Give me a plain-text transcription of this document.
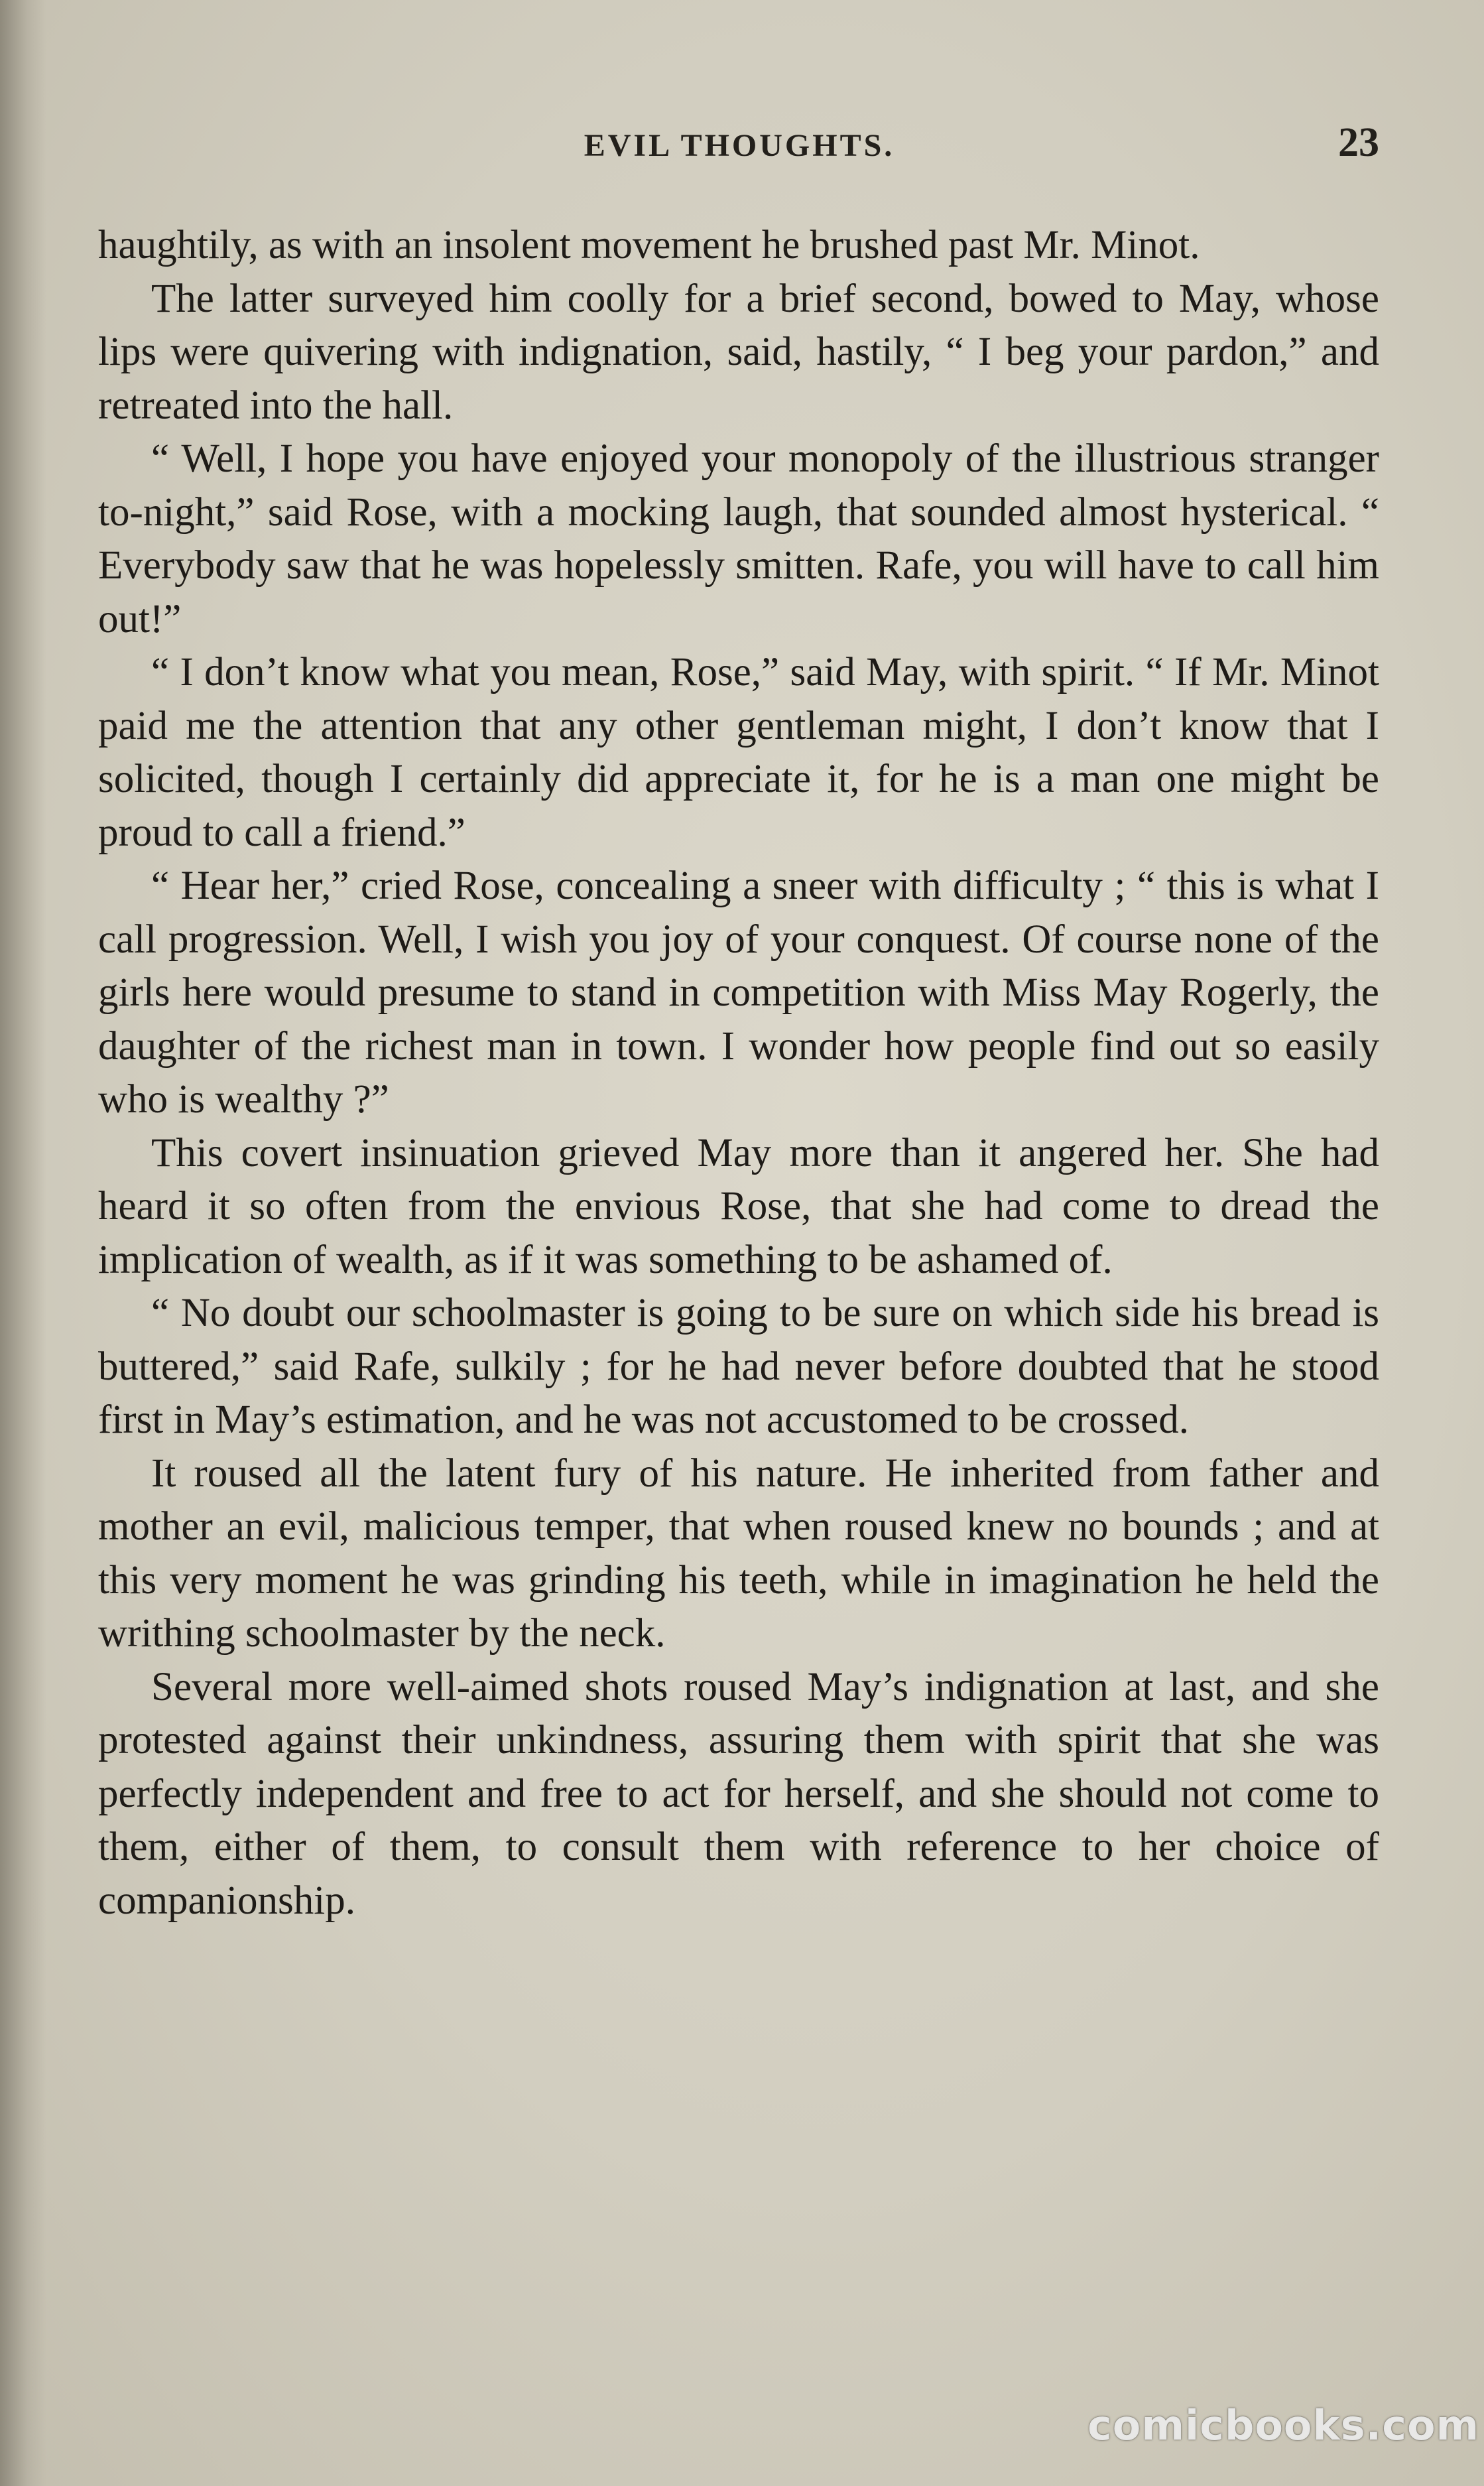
EVIL THOUGHTS.	23

haughtily, as with an insolent movement he brushed past Mr. Minot.

The latter surveyed him coolly for a brief second, bowed to May, whose lips were quivering with indignation, said, hastily, “ I beg your pardon,” and retreated into the hall.

“ Well, I hope you have enjoyed your monopoly of the illustrious stranger to-night,” said Rose, with a mocking laugh, that sounded almost hysterical. “ Everybody saw that he was hopelessly smitten. Rafe, you will have to call him out!”

“ I don’t know what you mean, Rose,” said May, with spirit. “ If Mr. Minot paid me the attention that any other gentleman might, I don’t know that I solicited, though I certainly did appreciate it, for he is a man one might be proud to call a friend.”

“ Hear her,” cried Rose, concealing a sneer with difficulty ; “ this is what I call progression. Well, I wish you joy of your conquest. Of course none of the girls here would presume to stand in competition with Miss May Rogerly, the daughter of the richest man in town. I wonder how people find out so easily who is wealthy ?”

This covert insinuation grieved May more than it angered her. She had heard it so often from the envious Rose, that she had come to dread the implication of wealth, as if it was something to be ashamed of.

“ No doubt our schoolmaster is going to be sure on which side his bread is buttered,” said Rafe, sulkily ; for he had never before doubted that he stood first in May’s estimation, and he was not accustomed to be crossed.

It roused all the latent fury of his nature. He inherited from father and mother an evil, malicious temper, that when roused knew no bounds ; and at this very moment he was grinding his teeth, while in imagination he held the writhing schoolmaster by the neck.

Several more well-aimed shots roused May’s indignation at last, and she protested against their unkindness, assuring them with spirit that she was perfectly independent and free to act for herself, and she should not come to them, either of them, to consult them with reference to her choice of companionship.

comicbooks.com
